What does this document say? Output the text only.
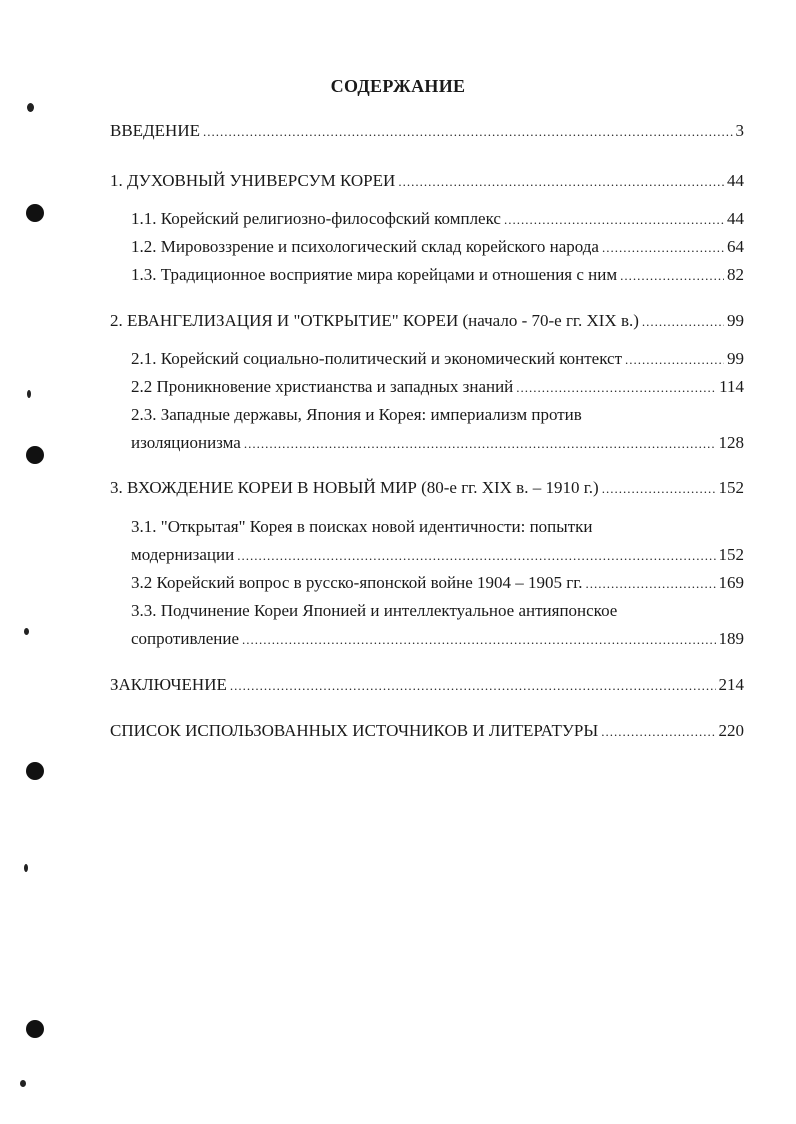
СОДЕРЖАНИЕ
ВВЕДЕНИЕ .....	3
1. ДУХОВНЫЙ УНИВЕРСУМ КОРЕИ .....	44
1.1. Корейский религиозно-философский комплекс .....	44
1.2. Мировоззрение и психологический склад корейского народа .....	64
1.3. Традиционное восприятие мира корейцами и отношения с ним .....	82
2. ЕВАНГЕЛИЗАЦИЯ И "ОТКРЫТИЕ" КОРЕИ (начало - 70-е гг. XIX в.) .....	99
2.1. Корейский социально-политический и экономический контекст .....	99
2.2 Проникновение христианства и западных знаний .....	114
2.3. Западные державы, Япония и Корея: империализм против
изоляционизма .....	128
3. ВХОЖДЕНИЕ КОРЕИ В НОВЫЙ МИР (80-е гг. XIX в. – 1910 г.) .....	152
3.1. "Открытая" Корея в поисках новой идентичности: попытки
модернизации .....	152
3.2 Корейский вопрос в русско-японской войне 1904 – 1905 гг. .....	169
3.3. Подчинение Кореи Японией и интеллектуальное антияпонское
сопротивление .....	189
ЗАКЛЮЧЕНИЕ .....	214
СПИСОК ИСПОЛЬЗОВАННЫХ ИСТОЧНИКОВ И ЛИТЕРАТУРЫ .....	220
